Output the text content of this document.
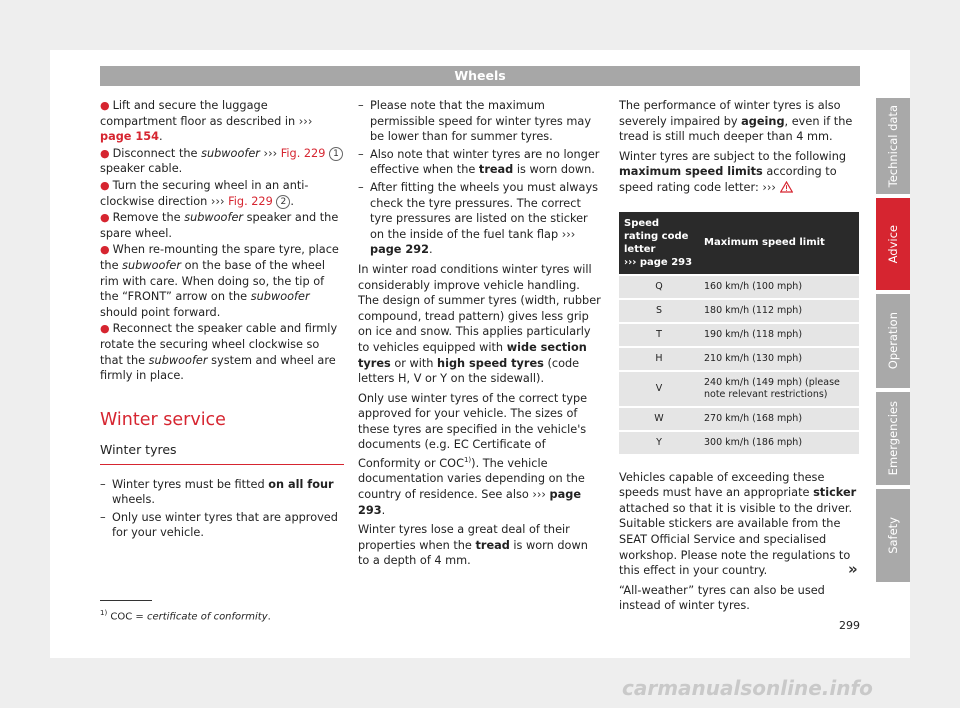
Wheels
● Lift and secure the luggage compartment floor as described in ››› page 154.
● Disconnect the subwoofer ››› Fig. 229 1 speaker cable.
● Turn the securing wheel in an anti-clockwise direction ››› Fig. 229 2 .
● Remove the subwoofer speaker and the spare wheel.
● When re-mounting the spare tyre, place the subwoofer on the base of the wheel rim with care. When doing so, the tip of the “FRONT” arrow on the subwoofer should point forward.
● Reconnect the speaker cable and firmly rotate the securing wheel clockwise so that the subwoofer system and wheel are firmly in place.
Winter service
Winter tyres
– Winter tyres must be fitted on all four wheels.
– Only use winter tyres that are approved for your vehicle.
– Please note that the maximum permissible speed for winter tyres may be lower than for summer tyres.
– Also note that winter tyres are no longer effective when the tread is worn down.
– After fitting the wheels you must always check the tyre pressures. The correct tyre pressures are listed on the sticker on the inside of the fuel tank flap ››› page 292.

In winter road conditions winter tyres will considerably improve vehicle handling. The design of summer tyres (width, rubber compound, tread pattern) gives less grip on ice and snow. This applies particularly to vehicles equipped with wide section tyres or with high speed tyres (code letters H, V or Y on the sidewall).

Only use winter tyres of the correct type approved for your vehicle. The sizes of these tyres are specified in the vehicle's documents (e.g. EC Certificate of Conformity or COC$^{1)}$). The vehicle documentation varies depending on the country of residence. See also ››› page 293.

Winter tyres lose a great deal of their properties when the tread is worn down to a depth of 4 mm.

The performance of winter tyres is also severely impaired by ageing, even if the tread is still much deeper than 4 mm.

Winter tyres are subject to the following maximum speed limits according to speed rating code letter: ›››

Speed rating code letter
››› page 293	Maximum speed limit
Q	160 km/h (100 mph)
S	180 km/h (112 mph)
T	190 km/h (118 mph)
H	210 km/h (130 mph)
V	240 km/h (149 mph) (please note relevant restrictions)
W	270 km/h (168 mph)
Y	300 km/h (186 mph)

Vehicles capable of exceeding these speeds must have an appropriate sticker attached so that it is visible to the driver. Suitable stickers are available from the SEAT Official Service and specialised workshop. Please note the regulations to this effect in your country.

“All-weather” tyres can also be used instead of winter tyres.

»
Technical data
Advice
Operation
Emergencies
Safety
$^{1)}$ COC = certificate of conformity.
299
carmanualsonline.info
